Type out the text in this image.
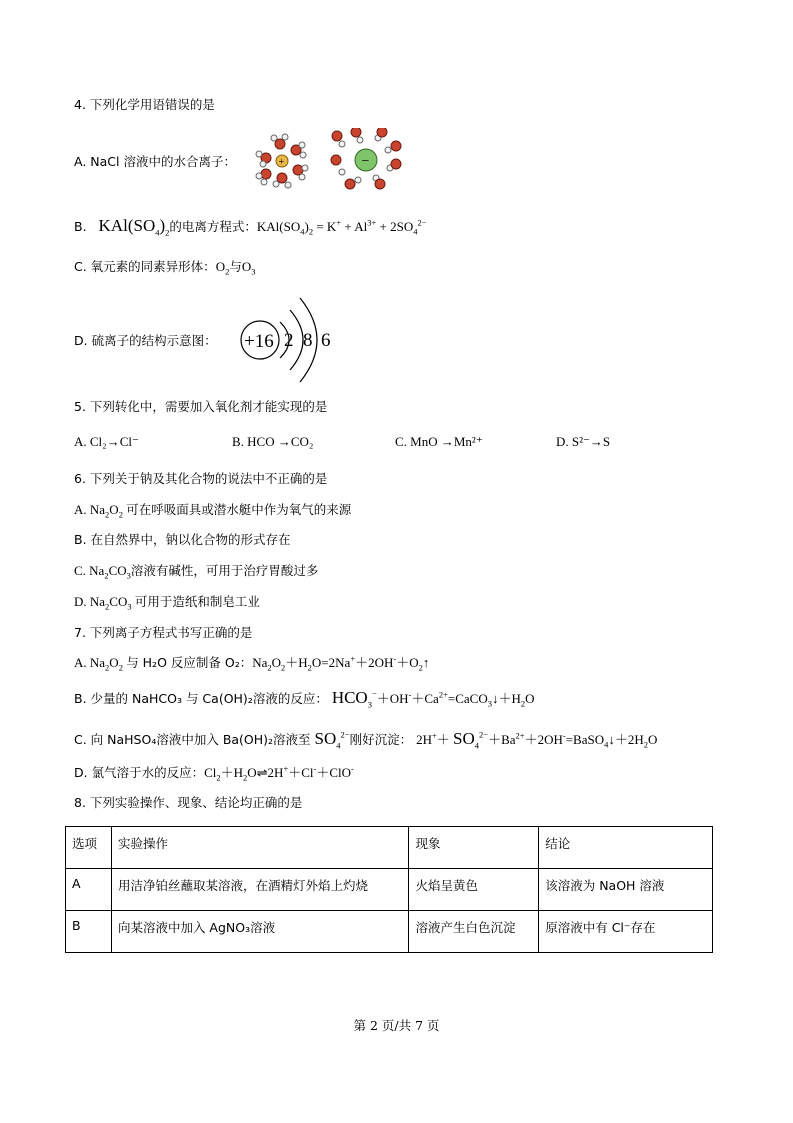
4. 下列化学用语错误的是
A. NaCl 溶液中的水合离子：	+	−
B. $KAl(SO_4)_2$的电离方程式：$KAl(SO_4)_2 = K^+ + Al^{3+} + 2SO_4^{2-}$
C. 氧元素的同素异形体：$O_2$与$O_3$
D. 硫离子的结构示意图： +16 2 8 6
5. 下列转化中，需要加入氧化剂才能实现的是
A. Cl₂→Cl⁻	B. HCO →CO₂	C. MnO →Mn²⁺	D. S²⁻→S
6. 下列关于钠及其化合物的说法中不正确的是
A. $Na_2O_2$ 可在呼吸面具或潜水艇中作为氧气的来源
B. 在自然界中，钠以化合物的形式存在
C. $Na_2CO_3$溶液有碱性，可用于治疗胃酸过多
D. $Na_2CO_3$ 可用于造纸和制皂工业
7. 下列离子方程式书写正确的是
A. $Na_2O_2$ 与 H₂O 反应制备 O₂：$Na_2O_2+H_2O=2Na^++2OH^-+O_2↑$
B. 少量的 NaHCO₃ 与 Ca(OH)₂溶液的反应： $HCO_3^-+OH^-+Ca^{2+}=CaCO_3↓+H_2O$
C. 向 NaHSO₄溶液中加入 Ba(OH)₂溶液至 $SO_4^{2-}$刚好沉淀： $2H^++ SO_4^{2-}+Ba^{2+}+2OH^-=BaSO_4↓+2H_2O$
D. 氯气溶于水的反应：$Cl_2+H_2O\rightleftharpoons 2H^++Cl^-+ClO^-$
8. 下列实验操作、现象、结论均正确的是
选项	实验操作	现象	结论
A	用洁净铂丝蘸取某溶液，在酒精灯外焰上灼烧	火焰呈黄色	该溶液为 NaOH 溶液
B	向某溶液中加入 AgNO₃溶液	溶液产生白色沉淀	原溶液中有 Cl⁻存在
第 2 页/共 7 页
